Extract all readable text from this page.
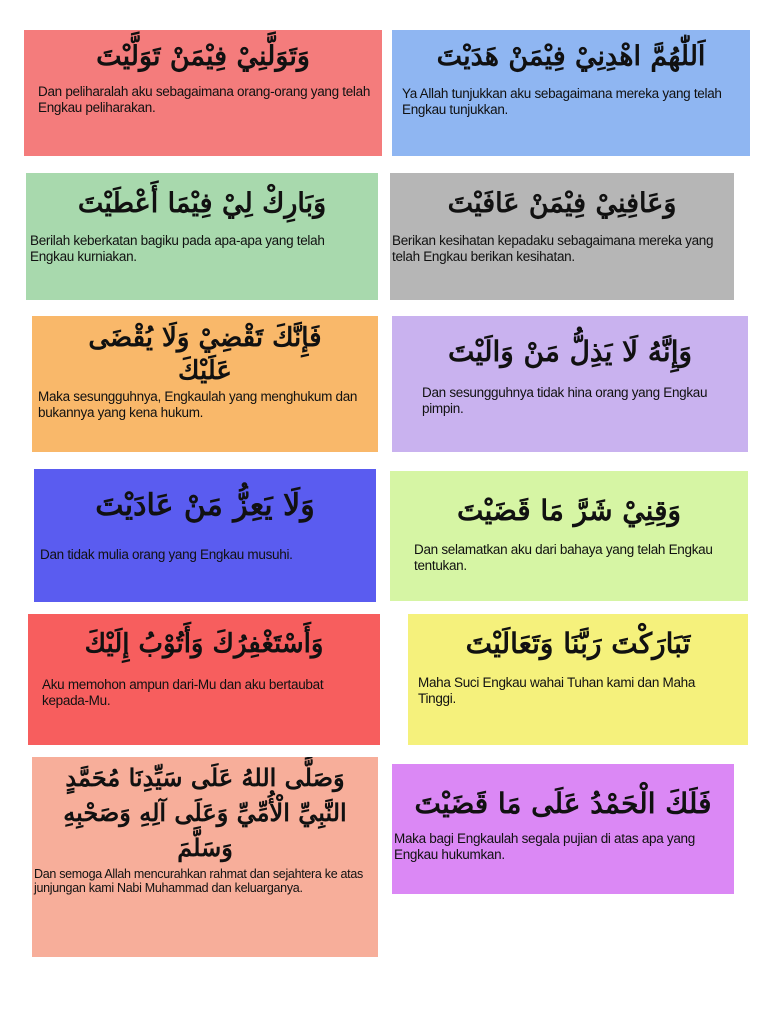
وَتَوَلَّنِيْ فِيْمَنْ تَوَلَّيْتَ
Dan peliharalah aku sebagaimana orang-orang yang telah Engkau peliharakan.
اَللّٰهُمَّ اهْدِنِيْ فِيْمَنْ هَدَيْتَ
Ya Allah tunjukkan aku sebagaimana mereka yang telah Engkau tunjukkan.
وَبَارِكْ لِيْ فِيْمَا أَعْطَيْتَ
Berilah keberkatan bagiku pada apa-apa yang telah Engkau kurniakan.
وَعَافِنِيْ فِيْمَنْ عَافَيْتَ
Berikan kesihatan kepadaku sebagaimana mereka yang telah Engkau berikan kesihatan.
فَإِنَّكَ تَقْضِيْ وَلَا يُقْضَى عَلَيْكَ
Maka sesungguhnya, Engkaulah yang menghukum dan bukannya yang kena hukum.
وَإِنَّهُ لَا يَذِلُّ مَنْ وَالَيْتَ
Dan sesungguhnya tidak hina orang yang Engkau pimpin.
وَلَا يَعِزُّ مَنْ عَادَيْتَ
Dan tidak mulia orang yang Engkau musuhi.
وَقِنِيْ شَرَّ مَا قَضَيْتَ
Dan selamatkan aku dari bahaya yang telah Engkau tentukan.
وَأَسْتَغْفِرُكَ وَأَتُوْبُ إِلَيْكَ
Aku memohon ampun dari-Mu dan aku bertaubat kepada-Mu.
تَبَارَكْتَ رَبَّنَا وَتَعَالَيْتَ
Maha Suci Engkau wahai Tuhan kami dan Maha Tinggi.
وَصَلَّى اللهُ عَلَى سَيِّدِنَا مُحَمَّدٍ النَّبِيِّ الْأُمِّيِّ وَعَلَى آلِهِ وَصَحْبِهِ وَسَلَّمَ
Dan semoga Allah mencurahkan rahmat dan sejahtera ke atas junjungan kami Nabi Muhammad dan keluarganya.
فَلَكَ الْحَمْدُ عَلَى مَا قَضَيْتَ
Maka bagi Engkaulah segala pujian di atas apa yang Engkau hukumkan.
